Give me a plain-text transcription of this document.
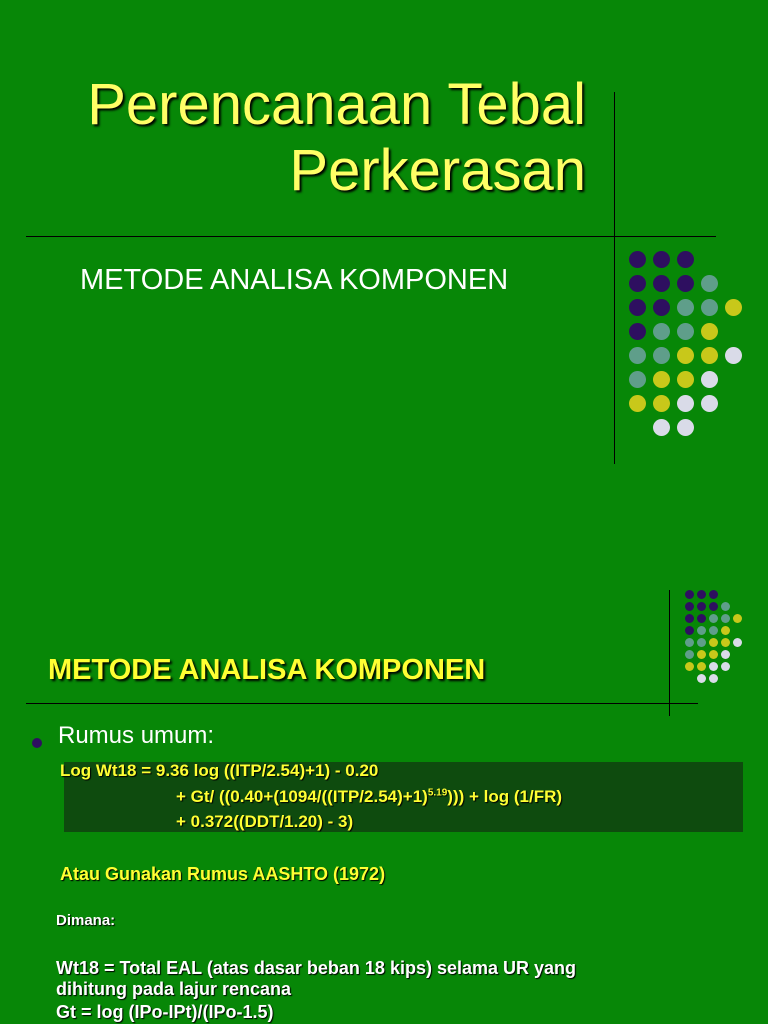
Perencanaan Tebal
Perkerasan
METODE ANALISA KOMPONEN
METODE ANALISA KOMPONEN
Rumus umum:
Log Wt18 = 9.36 log ((ITP/2.54)+1) - 0.20
+ Gt/ $((0.40+(1094/((ITP/2.54)+1)^{5.19}))) + \log (1/FR)$
+ 0.372((DDT/1.20) - 3)
Atau Gunakan Rumus AASHTO (1972)
Dimana:
Wt18 = Total EAL (atas dasar beban 18 kips) selama UR yang
dihitung pada lajur rencana
Gt = log (IPo-IPt)/(IPo-1.5)
